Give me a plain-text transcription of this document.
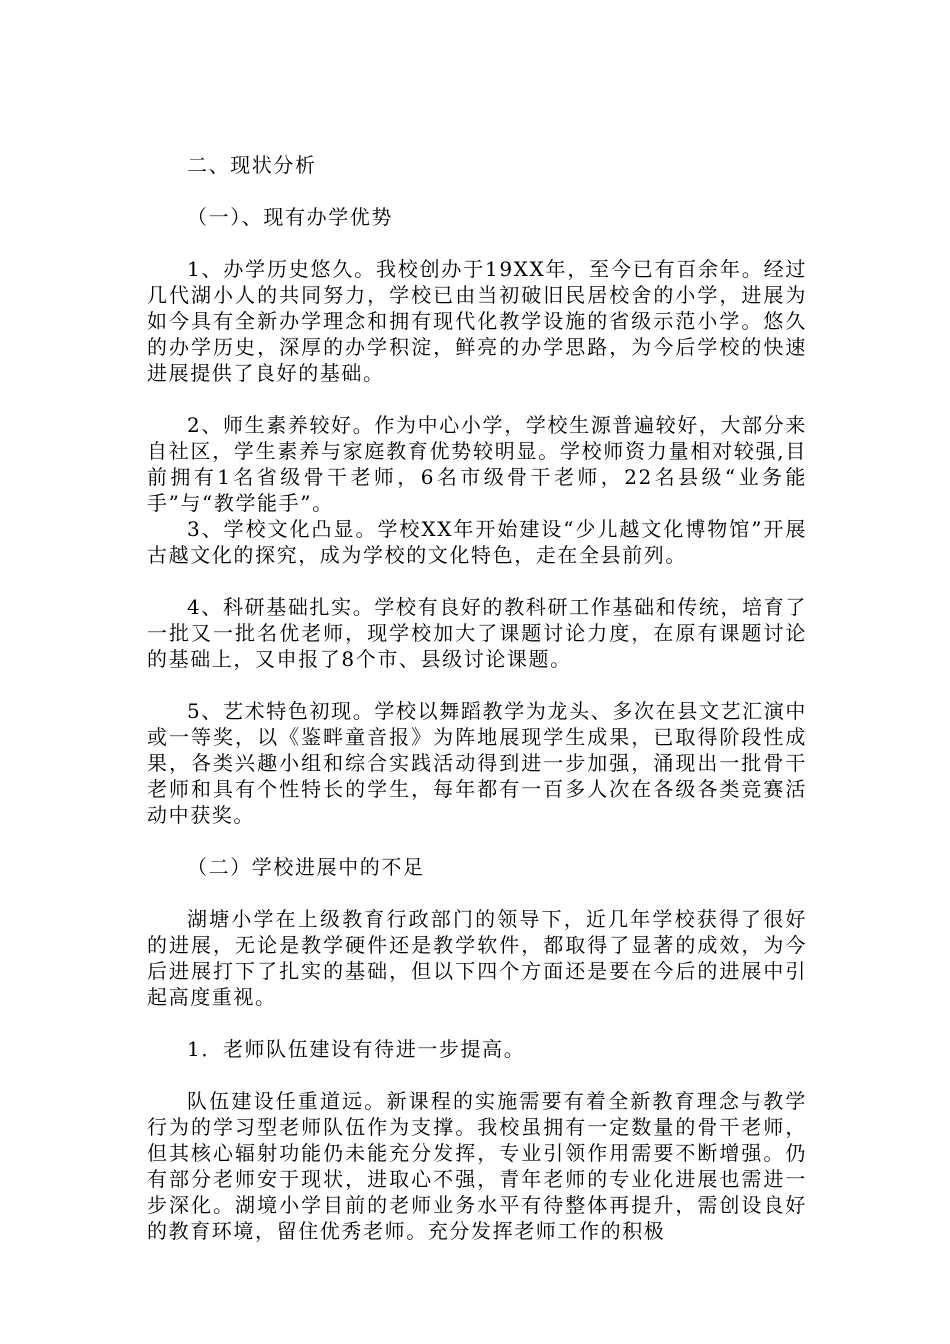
二、现状分析
（一）、现有办学优势
1、办学历史悠久。我校创办于19XX年，至今已有百余年。经过几代湖小人的共同努力，学校已由当初破旧民居校舍的小学，进展为如今具有全新办学理念和拥有现代化教学设施的省级示范小学。悠久的办学历史，深厚的办学积淀，鲜亮的办学思路，为今后学校的快速进展提供了良好的基础。
2、师生素养较好。作为中心小学，学校生源普遍较好，大部分来自社区，学生素养与家庭教育优势较明显。学校师资力量相对较强,目前拥有1名省级骨干老师，6名市级骨干老师，22名县级“业务能手”与“教学能手”。
3、学校文化凸显。学校XX年开始建设“少儿越文化博物馆”开展古越文化的探究，成为学校的文化特色，走在全县前列。
4、科研基础扎实。学校有良好的教科研工作基础和传统，培育了一批又一批名优老师，现学校加大了课题讨论力度，在原有课题讨论的基础上，又申报了8个市、县级讨论课题。
5、艺术特色初现。学校以舞蹈教学为龙头、多次在县文艺汇演中或一等奖，以《鉴畔童音报》为阵地展现学生成果，已取得阶段性成果，各类兴趣小组和综合实践活动得到进一步加强，涌现出一批骨干老师和具有个性特长的学生，每年都有一百多人次在各级各类竞赛活动中获奖。
（二）学校进展中的不足
湖塘小学在上级教育行政部门的领导下，近几年学校获得了很好的进展，无论是教学硬件还是教学软件，都取得了显著的成效，为今后进展打下了扎实的基础，但以下四个方面还是要在今后的进展中引起高度重视。
1．老师队伍建设有待进一步提高。
队伍建设任重道远。新课程的实施需要有着全新教育理念与教学行为的学习型老师队伍作为支撑。我校虽拥有一定数量的骨干老师，但其核心辐射功能仍未能充分发挥，专业引领作用需要不断增强。仍有部分老师安于现状，进取心不强，青年老师的专业化进展也需进一步深化。湖境小学目前的老师业务水平有待整体再提升，需创设良好的教育环境，留住优秀老师。充分发挥老师工作的积极
